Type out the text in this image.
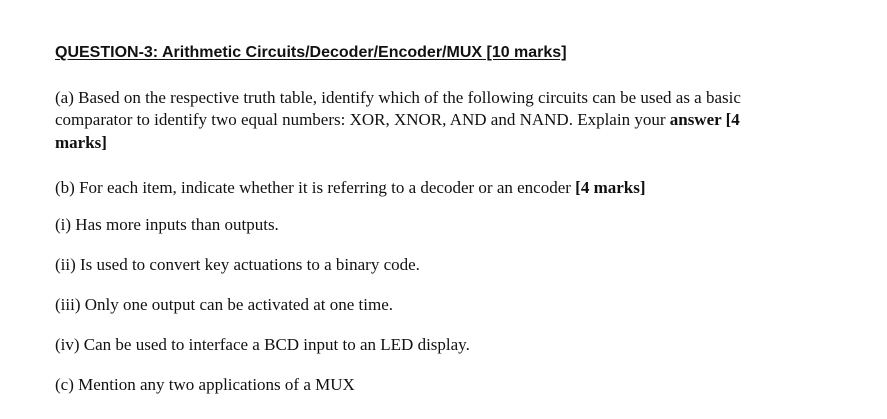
QUESTION-3: Arithmetic Circuits/Decoder/Encoder/MUX [10 marks]
(a) Based on the respective truth table, identify which of the following circuits can be used as a basic
comparator to identify two equal numbers: XOR, XNOR, AND and NAND. Explain your answer [4
marks]
(b) For each item, indicate whether it is referring to a decoder or an encoder [4 marks]
(i) Has more inputs than outputs.
(ii) Is used to convert key actuations to a binary code.
(iii) Only one output can be activated at one time.
(iv) Can be used to interface a BCD input to an LED display.
(c) Mention any two applications of a MUX
